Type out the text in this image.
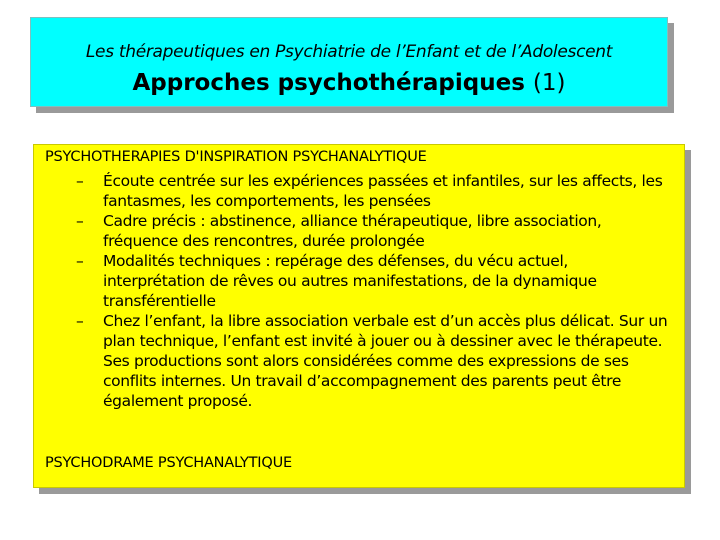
Les thérapeutiques en Psychiatrie de l’Enfant et de l’Adolescent
Approches psychothérapiques (1)
PSYCHOTHERAPIES D'INSPIRATION PSYCHANALYTIQUE
– Écoute centrée sur les expériences passées et infantiles, sur les affects, les fantasmes, les comportements, les pensées
– Cadre précis : abstinence, alliance thérapeutique, libre association, fréquence des rencontres, durée prolongée
– Modalités techniques : repérage des défenses, du vécu actuel, interprétation de rêves ou autres manifestations, de la dynamique transférentielle
– Chez l’enfant, la libre association verbale est d’un accès plus délicat. Sur un plan technique, l’enfant est invité à jouer ou à dessiner avec le thérapeute. Ses productions sont alors considérées comme des expressions de ses conflits internes. Un travail d’accompagnement des parents peut être également proposé.
PSYCHODRAME PSYCHANALYTIQUE
